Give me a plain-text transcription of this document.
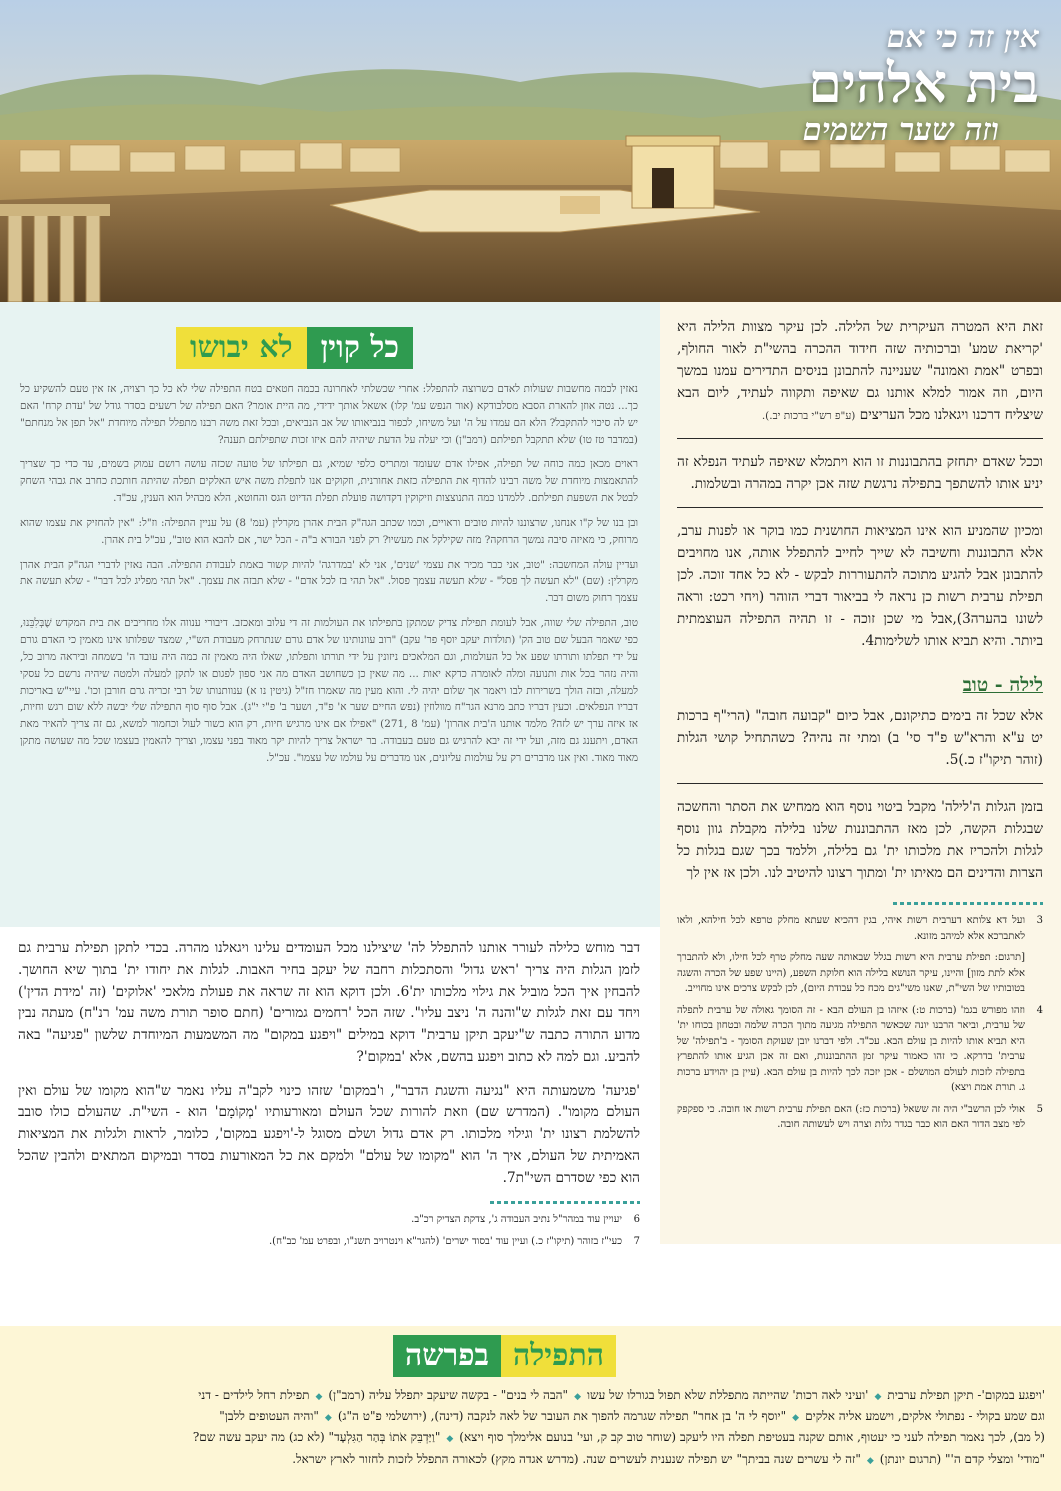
אין זה כי אם
בית אלהים
וזה שער השמים

זאת היא המטרה העיקרית של הלילה. לכן עיקר מצוות הלילה היא 'קריאת שמע' וברכותיה שזה חידוד ההכרה בהשי"ת לאור החולף, ובפרט "אמת ואמונה" שעניינה להתבונן בניסים התדירים עמנו במשך היום, וזה אמור למלא אותנו גם שאיפה ותקווה לעתיד, ליום הבא שיצליח דרכנו ויגאלנו מכל העריצים (ע"פ רש"י ברכות יב.).

וככל שאדם יתחזק בהתבוננות זו הוא ויתמלא שאיפה לעתיד הנפלא זה יניע אותו להשתפך בתפילה נרגשת שזה אכן יקרה במהרה ובשלמות.

ומכיון שהמניע הוא אינו המציאות החושנית כמו בוקר או לפנות ערב, אלא התבוננות וחשיבה לא שייך לחייב להתפלל אותה, אנו מחויבים להתבונן אבל להגיע מתוכה להתעוררות לבקש - לא כל אחד זוכה. לכן תפילת ערבית רשות כן נראה לי בביאור דברי הזוהר (ויחי רכט: וראה לשונו בהערה3),אבל מי שכן זוכה - זו תהיה התפילה העוצמתית ביותר. והיא תביא אותו לשלימות4.

לילה - טוב

אלא שכל זה בימים כתיקונם, אבל כיום "קבועה חובה" (הרי"ף ברכות יט ע"א והרא"ש פ"ד סי' ב) ומתי זה נהיה? כשהתחיל קושי הגלות (זוהר תיקו"ז כ.)5.

בזמן הגלות ה'לילה' מקבל ביטוי נוסף הוא ממחיש את הסתר והחשכה שבגלות הקשה, לכן מאז ההתבוננות שלנו בלילה מקבלת גוון נוסף לגלות ולהכריז את מלכותו ית' גם בלילה, וללמד בכך שגם בגלות כל הצרות והדינים הם מאיתו ית' ומתוך רצונו להיטיב לנו. ולכן אז אין לך

3
ועל דא צלותא דערבית רשות איהי, בגין דהכיא שעתא מחלק טרפא לכל חילהא, ולאו לאתברכא אלא למיהב מזונא.
[תרגום: תפילת ערבית היא רשות בגלל שבאותה שעה מחלק טרף לכל חילו, ולא להתברך אלא לתת מזון] והיינו, עיקר הנושא בלילה הוא חלוקת השפע, (היינו שפע של הכרה והשגה בטובותיו של השי"ת, שאנו משי"גים מכח כל עבודת היום), לכן לבקש צרכים אינו מחוייב.
4
וזהו מפורש בגמ' (ברכות ט:) איזהו בן העולם הבא - זה הסומך גאולה של ערבית לתפלה של ערבית, וביאר הרבנו יונה שכאשר התפילה מגיעה מתוך הכרה שלמה ובטחון בכוחו ית' היא תביא אותו להיות בן עולם הבא. עכ"ד. ולפי דברנו יובן שעוקת הסומך - ב'תפילה' של ערבית' בדרקא. כי זהו כאמור עיקר זמן ההתבוננות, ואם זה אכן הגיע אותו להתפרץ בתפילה לזכות לעולם המושלם - אכן יזכה לכך להיות בן עולם הבא. (עיין בן יהוידע ברכות ג. תורת אמת ויצא)
5
אולי לכן הרשב"י היה זה ששאל (ברכות כז:) האם תפילת ערבית רשות או חובה. כי ספקפק לפי מצב הדור האם הוא כבר בגדר גלות וצרה ויש לעשותה חובה.
כל קוין
לא יבושו

נאזין לכמה מחשבות שעולות לאדם כשרוצה להתפלל: אחרי שכשלתי לאחרונה בכמה חטאים בטח התפילה שלי לא כל כך רצויה, אז אין טעם להשקיע כל כך... נטה אוזן להארת הסבא מסלבודקא (אור הנפש עמ' קלו) אשאל אותך ידידי, מה היית אומר? האם תפילה של רשעים בסדר גודל של 'עדת קרח' האם יש לה סיכוי להתקבל? הלא הם עמדו על ה' ועל משיחו, לכפור בנביאותו של אב הנביאים, ובכל זאת משה רבנו מתפלל תפילה מיוחדת "אל תפן אל מנחתם" (במדבר טז טו) שלא תתקבל תפילתם (רמב"ן) וכי יעלה על הדעת שיהיה להם איזו זכות שתפילתם תענה?

ראוים מכאן כמה כוחה של תפילה, אפילו אדם שעומד ומתריס כלפי שמיא, גם תפילתו של טועה שכזה עושה רושם עמוק בשמים, עד כדי כך שצריך להתאמצות מיוחדת של משה רבינו להדוף את התפילה כזאת אחורנית, וזקוקים אנו לתפלת משה איש האלקים תפלה שהיתה חותכת כחרב את גבהי השחק לבטל את השפעת תפילתם. ללמדנו כמה התנוצצות וזיקוקין דקדושה פועלת תפלת הדיוט הגס והחוטא, הלא מבהיל הוא הענין, עכ"ד.

ובן בנו של ק"ו אנחנו, שרצוננו להיות טובים וראויים, וכמו שכתב הגה"ק הבית אהרן מקרלין (עמ' 8) על עניין התפילה: וז"ל: "אין להחזיק את עצמו שהוא מרוחק, כי מאיזה סיבה נמשך הרחקה? מזה שקילקל את מעשיו? רק לפני הבורא ב"ה - הכל ישר, אם להבא הוא טוב", עכ"ל בית אהרן.

ועדיין עולה המחשבה: "טוב, אני כבר מכיר את עצמי 'שנים', אני לא 'במדרגה' להיות קשור באמת לעבודת התפילה. הבה נאזין לדברי הגה"ק הבית אהרן מקרלין: (שם) "לא תעשה לך פסל" - שלא תעשה עצמך פסול. "אל תהי בז לכל אדם" - שלא תבזה את עצמך. "אל תהי מפליג לכל דבר" - שלא תעשה את עצמך רחוק משום דבר.

טוב, התפילה שלי שווה, אבל לעומת תפילת צדיק שמתקן בתפילתו את העולמות זה די עלוב ומאכזב. דיבורי ענווה אלו מחריבים את בית המקדש שֶׁבְּלִבֵּנוּ, כפי שאמר הבעל שם טוב הק' (תולדות יעקב יוסף פר' עקב) "רוב עוונותינו של אדם גורם שנתרחק מעבודת הש"י, שמצד שפלותו אינו מאמין כי האדם גורם על ידי תפלתו ותורתו שפע אל כל העולמות, וגם המלאכים ניזונין על ידי תורתו ותפלתו, שאלו היה מאמין זה כמה היה עובד ה' בשמחה וביראה מרוב כל, והיה נזהר בכל אות ותנועה ומלה לאומרה כדקא יאות ... מה שאין כן כשחושב האדם מה אני ספון לפגום או לתקן למעלה ולמטה שיהיה נרשם כל עסקי למעלה, ובזה הולך בשרירות לבו ויאמר אך שלום יהיה לי. והוא מעין מה שאמרו חז"ל (גיטין נו א) ענוותנותו של רבי זכריה גרם חורבן וכו'. עיי"ש באריכות דבריו הנפלאים. וכעין דבריו כתב מרנא הגר"ח מוולוזין (נפש החיים שער א' פ"ד, ושער ב' פ"י י"ג). אבל סוף סוף התפילה שלי יבשה ללא שום רגש וחיות, אז איזה ערך יש לזה? מלמד אותנו ה'בית אהרון' (עמ' 8 ,271) "אפילו אם אינו מרגיש חיות, רק הוא כשור לעול וכחמור למשא, גם זה צריך להאיר מאת האדם, ויתענג גם מזה, ועל ידי זה יבא להרגיש גם טעם בעבודה. בר ישראל צריך להיות יקר מאוד בפני עצמו, וצריך להאמין בעצמו שכל מה שעושה מתקן מאוד מאוד. ואין אנו מדברים רק על עולמות עליונים, אנו מדברים על עולמו של עצמו". עכ"ל.

דבר מוחש כלילה לעורר אותנו להתפלל לה' שיצילנו מכל העומדים עלינו ויגאלנו מהרה. בכדי לתקן תפילת ערבית גם לזמן הגלות היה צריך 'ראש גדול' והסתכלות רחבה של יעקב בחיר האבות. לגלות את יחודו ית' בתוך שיא החושך. להבחין איך הכל מוביל את גילוי מלכותו ית'6. ולכן דוקא הוא זה שראה את פעולת מלאכי 'אלוקים' (זה 'מידת הדין') ויחד עם זאת לגלות ש"והנה ה' ניצב עליו". שזה הכל 'רחמים גמורים' (חתם סופר תורת משה עמ' רנ"ח) מעתה נבין מדוע התורה כתבה ש"יעקב תיקן ערבית" דוקא במילים "ויפגע במקום" מה המשמעות המיוחדת שלשון "פגיעה" באה להביע. וגם למה לא כתוב ויפגע בהשם, אלא 'במקום'?

'פגיעה' משמעותה היא "נגיעה והשגת הדבר", ו'במקום' שזהו כינוי לקב"ה עליו נאמר ש"הוא מקומו של עולם ואין העולם מקומו". (המדרש שם) וזאת להורות שכל העולם ומאורעותיו 'מְקוֹמָם' הוא - השי"ת. שהעולם כולו סובב להשלמת רצונו ית' וגילוי מלכותו. רק אדם גדול ושלם מסוגל ל-'ויפגע במקום', כלומר, לראות ולגלות את המציאות האמיתית של העולם, איך ה' הוא "מקומו של עולם" ולמקם את כל המאורעות בסדר ובמיקום המתאים ולהבין שהכל הוא כפי שסדרם השי"ת7.

6
יעויין עוד במהר"ל נתיב העבודה ג', צדקת הצדיק רכ"ב.
7
כעי"ז בזוהר (תיקו"ז כ.) ועיין עוד 'בסוד ישרים' (להגר"א וינטרויב תשנ"ו, ובפרט עמ' כב"ח).
התפילה
בפרשה
'ויפגע במקום'- תיקן תפילת ערבית◆'ועיני לאה רכות' שהייתה מתפללת שלא תפול בגורלו של עשו◆"הבה לי בנים" - בקשה שיעקב יתפלל עליה (רמב"ן)◆תפילת רחל לילדים - דני
וגם שמע בקולי - נפתולי אלקים, וישמע אליה אלקים◆"יוסף לי ה' בן אחר" תפילה שגרמה להפוך את העובר של לאה לנקבה (דינה), (ירושלמי פ"ט ה"ג)◆"והיה העטופים ללבן"
(ל מב), לכך נאמר תפילה לעני כי יעטוף, אותם שקנה בעטיפת תפלה היו ליעקב (שוחר טוב קב ק, ועי' בנועם אלימלך סוף ויצא)◆"וַיַּדְבֵּק אֹתוֹ בְּהַר הַגִּלְעָד" (לא כג) מה יעקב עשה שם?
"מודי' ומצלי קדם ה'" (תרגום יונתן)◆"זה לי עשרים שנה בביתך" יש תפילה שנענית לעשרים שנה. (מדרש אגדה מקץ) לכאורה התפלל לזכות לחזור לארץ ישראל.
